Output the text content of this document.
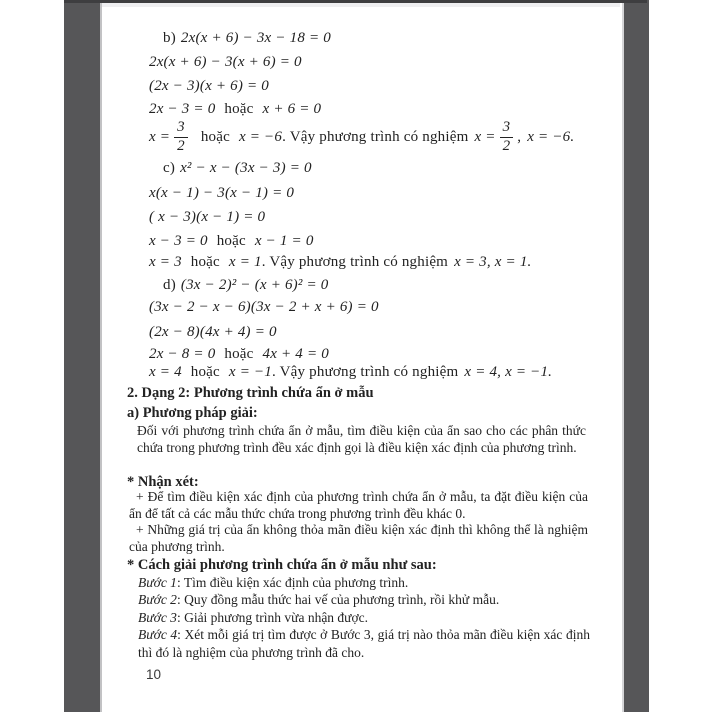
b) 2x(x + 6) − 3x − 18 = 0
2x(x + 6) − 3(x + 6) = 0
(2x − 3)(x + 6) = 0
2x − 3 = 0 hoặc x + 6 = 0
$x = \frac{3}{2}$ hoặc x = −6 . Vậy phương trình có nghiệm $x = \frac{3}{2}$ , x = −6.
c) x² − x − (3x − 3) = 0
x(x − 1) − 3(x − 1) = 0
( x − 3)(x − 1) = 0
x − 3 = 0 hoặc x − 1 = 0
x = 3 hoặc x = 1. Vậy phương trình có nghiệm x = 3, x = 1.
d) (3x − 2)² − (x + 6)² = 0
(3x − 2 − x − 6)(3x − 2 + x + 6) = 0
(2x − 8)(4x + 4) = 0
2x − 8 = 0 hoặc 4x + 4 = 0
x = 4 hoặc x = −1. Vậy phương trình có nghiệm x = 4, x = −1.
2. Dạng 2: Phương trình chứa ẩn ở mẫu
a) Phương pháp giải:
Đối với phương trình chứa ẩn ở mẫu, tìm điều kiện của ẩn sao cho các phân thức chứa trong phương trình đều xác định gọi là điều kiện xác định của phương trình.
* Nhận xét:
+ Để tìm điều kiện xác định của phương trình chứa ẩn ở mẫu, ta đặt điều kiện của ẩn để tất cả các mẫu thức chứa trong phương trình đều khác 0.
+ Những giá trị của ẩn không thỏa mãn điều kiện xác định thì không thể là nghiệm của phương trình.
* Cách giải phương trình chứa ẩn ở mẫu như sau:
Bước 1: Tìm điều kiện xác định của phương trình.
Bước 2: Quy đồng mẫu thức hai vế của phương trình, rồi khử mẫu.
Bước 3: Giải phương trình vừa nhận được.
Bước 4: Xét mỗi giá trị tìm được ở Bước 3, giá trị nào thỏa mãn điều kiện xác định thì đó là nghiệm của phương trình đã cho.
10
